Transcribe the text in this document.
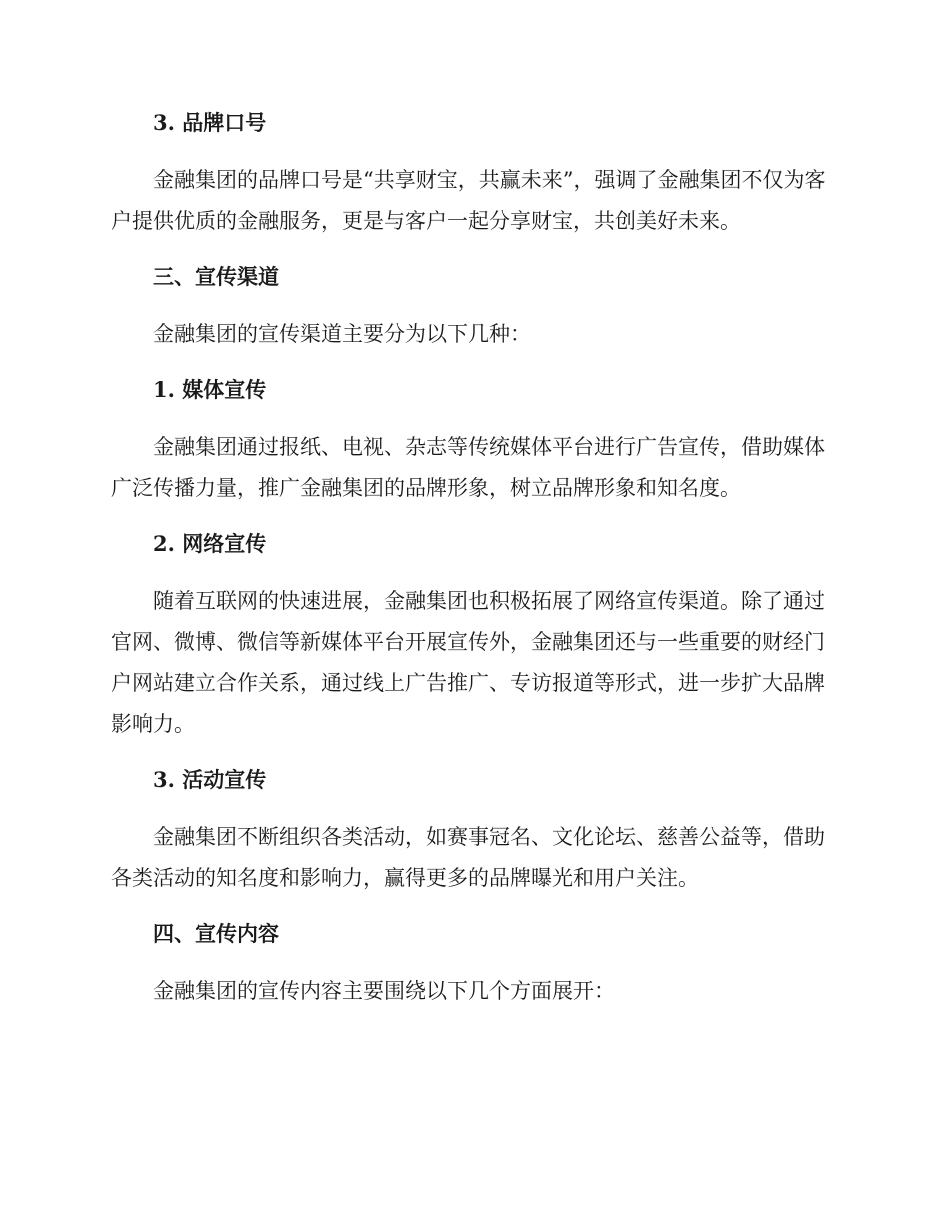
3. 品牌口号

金融集团的品牌口号是“共享财宝，共赢未来”，强调了金融集团不仅为客户提供优质的金融服务，更是与客户一起分享财宝，共创美好未来。

三、宣传渠道

金融集团的宣传渠道主要分为以下几种：

1. 媒体宣传

金融集团通过报纸、电视、杂志等传统媒体平台进行广告宣传，借助媒体广泛传播力量，推广金融集团的品牌形象，树立品牌形象和知名度。

2. 网络宣传

随着互联网的快速进展，金融集团也积极拓展了网络宣传渠道。除了通过官网、微博、微信等新媒体平台开展宣传外，金融集团还与一些重要的财经门户网站建立合作关系，通过线上广告推广、专访报道等形式，进一步扩大品牌影响力。

3. 活动宣传

金融集团不断组织各类活动，如赛事冠名、文化论坛、慈善公益等，借助各类活动的知名度和影响力，赢得更多的品牌曝光和用户关注。

四、宣传内容

金融集团的宣传内容主要围绕以下几个方面展开：
